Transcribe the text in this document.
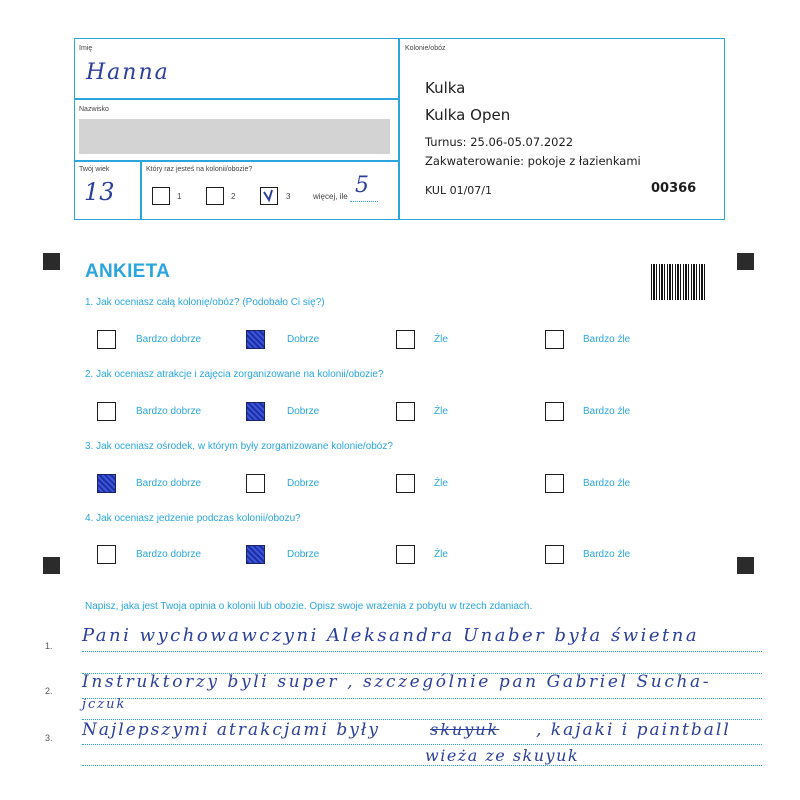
Imię
Hanna
Nazwisko
Twój wiek
13
Który raz jesteś na kolonii/obozie?
1	2	3	więcej, ile 5
Kolonie/obóz
Kulka
Kulka Open
Turnus: 25.06-05.07.2022
Zakwaterowanie: pokoje z łazienkami
KUL 01/07/1	00366
ANKIETA
1. Jak oceniasz całą kolonię/obóz? (Podobało Ci się?)
Bardzo dobrze	Dobrze	Źle	Bardzo źle
2. Jak oceniasz atrakcje i zajęcia zorganizowane na kolonii/obozie?
Bardzo dobrze	Dobrze	Źle	Bardzo źle
3. Jak oceniasz ośrodek, w którym były zorganizowane kolonie/obóz?
Bardzo dobrze	Dobrze	Źle	Bardzo źle
4. Jak oceniasz jedzenie podczas kolonii/obozu?
Bardzo dobrze	Dobrze	Źle	Bardzo źle
Napisz, jaka jest Twoja opinia o kolonii lub obozie. Opisz swoje wrażenia z pobytu w trzech zdaniach.
1.
2.
3.
Pani wychowawczyni Aleksandra Unaber była świetna
Instruktorzy byli super , szczególnie pan Gabriel Sucha-
jczuk
Najlepszymi atrakcjami były	skuyuk , kajaki i paintball
wieża ze skuyuk
